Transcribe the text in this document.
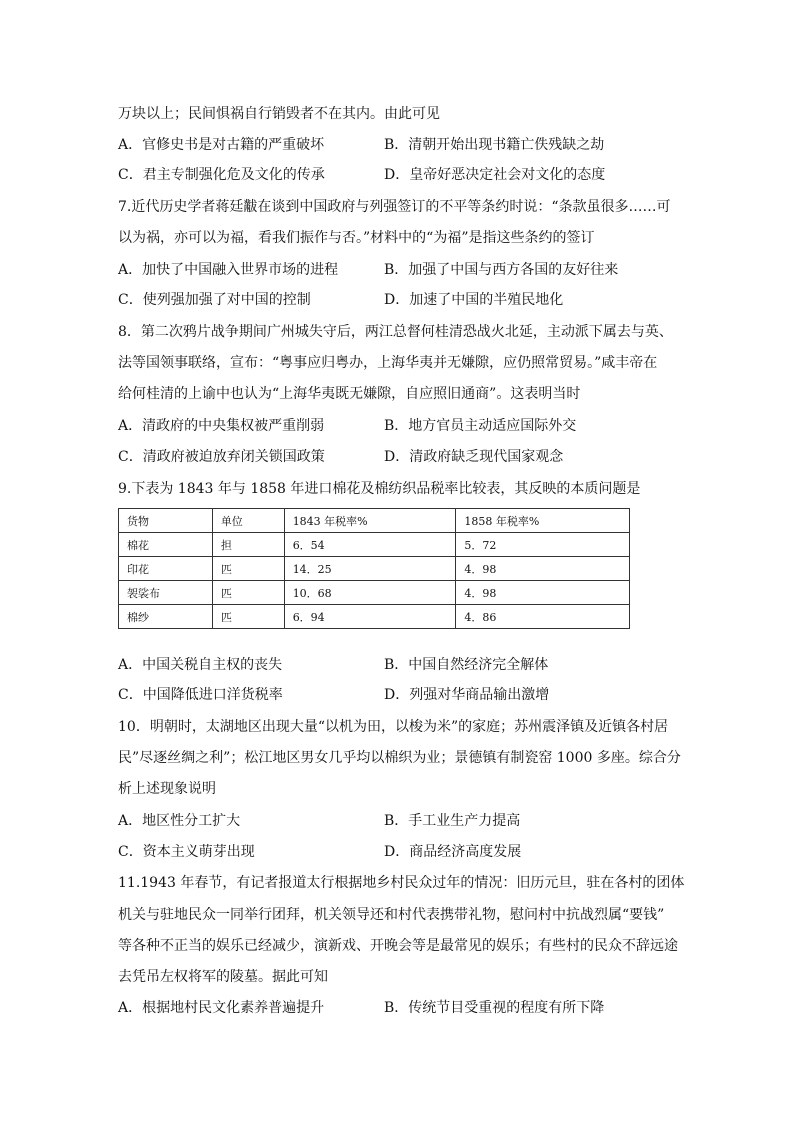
万块以上；民间惧祸自行销毁者不在其内。由此可见
A．官修史书是对古籍的严重破坏	B．清朝开始出现书籍亡佚残缺之劫
C．君主专制强化危及文化的传承	D．皇帝好恶决定社会对文化的态度
7.近代历史学者蒋廷黻在谈到中国政府与列强签订的不平等条约时说：“条款虽很多……可
以为祸，亦可以为福，看我们振作与否。”材料中的“为福”是指这些条约的签订
A．加快了中国融入世界市场的进程	B．加强了中国与西方各国的友好往来
C．使列强加强了对中国的控制	D．加速了中国的半殖民地化
8．第二次鸦片战争期间广州城失守后，两江总督何桂清恐战火北延，主动派下属去与英、
法等国领事联络，宣布：“粤事应归粤办，上海华夷并无嫌隙，应仍照常贸易。”咸丰帝在
给何桂清的上谕中也认为“上海华夷既无嫌隙，自应照旧通商”。这表明当时
A．清政府的中央集权被严重削弱	B．地方官员主动适应国际外交
C．清政府被迫放弃闭关锁国政策	D．清政府缺乏现代国家观念
9.下表为 1843 年与 1858 年进口棉花及棉纺织品税率比较表，其反映的本质问题是
货物	单位	1843 年税率%	1858 年税率%
棉花	担	6．54	5．72
印花	匹	14．25	4．98
袈裟布	匹	10．68	4．98
棉纱	匹	6．94	4．86
A．中国关税自主权的丧失	B．中国自然经济完全解体
C．中国降低进口洋货税率	D．列强对华商品输出激增
10．明朝时，太湖地区出现大量“以机为田，以梭为米”的家庭；苏州震泽镇及近镇各村居
民”尽逐丝绸之利”；松江地区男女几乎均以棉织为业；景德镇有制瓷窑 1000 多座。综合分
析上述现象说明
A．地区性分工扩大	B．手工业生产力提高
C．资本主义萌芽出现	D．商品经济高度发展
11.1943 年春节，有记者报道太行根据地乡村民众过年的情况：旧历元旦，驻在各村的团体
机关与驻地民众一同举行团拜，机关领导还和村代表携带礼物，慰问村中抗战烈属“要钱”
等各种不正当的娱乐已经减少，演新戏、开晚会等是最常见的娱乐；有些村的民众不辞远途
去凭吊左权将军的陵墓。据此可知
A．根据地村民文化素养普遍提升	B．传统节目受重视的程度有所下降
